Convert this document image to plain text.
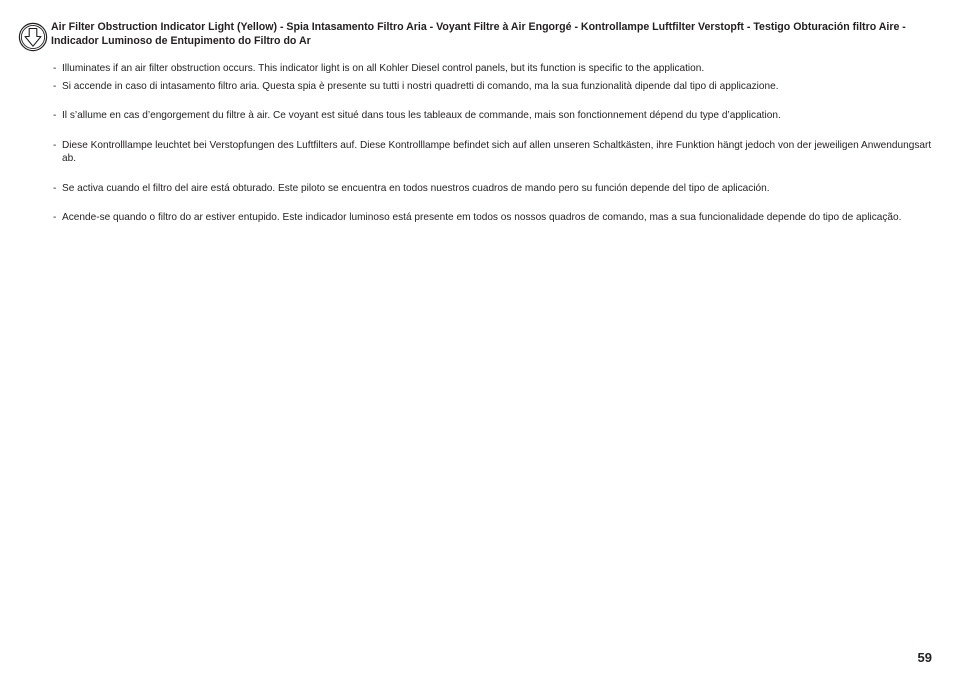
Air Filter Obstruction Indicator Light (Yellow) - Spia Intasamento Filtro Aria - Voyant Filtre à Air Engorgé - Kontrollampe Luftfilter Verstopft - Testigo Obturación filtro Aire - Indicador Luminoso de Entupimento do Filtro do Ar
- Illuminates if an air filter obstruction occurs. This indicator light is on all Kohler Diesel control panels, but its function is specific to the application.
- Si accende in caso di intasamento filtro aria. Questa spia è presente su tutti i nostri quadretti di comando, ma la sua funzionalità dipende dal tipo di applicazione.
- Il s’allume en cas d’engorgement du filtre à air. Ce voyant est situé dans tous les tableaux de commande, mais son fonctionnement dépend du type d’application.
- Diese Kontrolllampe leuchtet bei Verstopfungen des Luftfilters auf. Diese Kontrolllampe befindet sich auf allen unseren Schaltkästen, ihre Funktion hängt jedoch von der jeweiligen Anwendungsart ab.
- Se activa cuando el filtro del aire está obturado. Este piloto se encuentra en todos nuestros cuadros de mando pero su función depende del tipo de aplicación.
- Acende-se quando o filtro do ar estiver entupido. Este indicador luminoso está presente em todos os nossos quadros de comando, mas a sua funcionalidade depende do tipo de aplicação.
59
